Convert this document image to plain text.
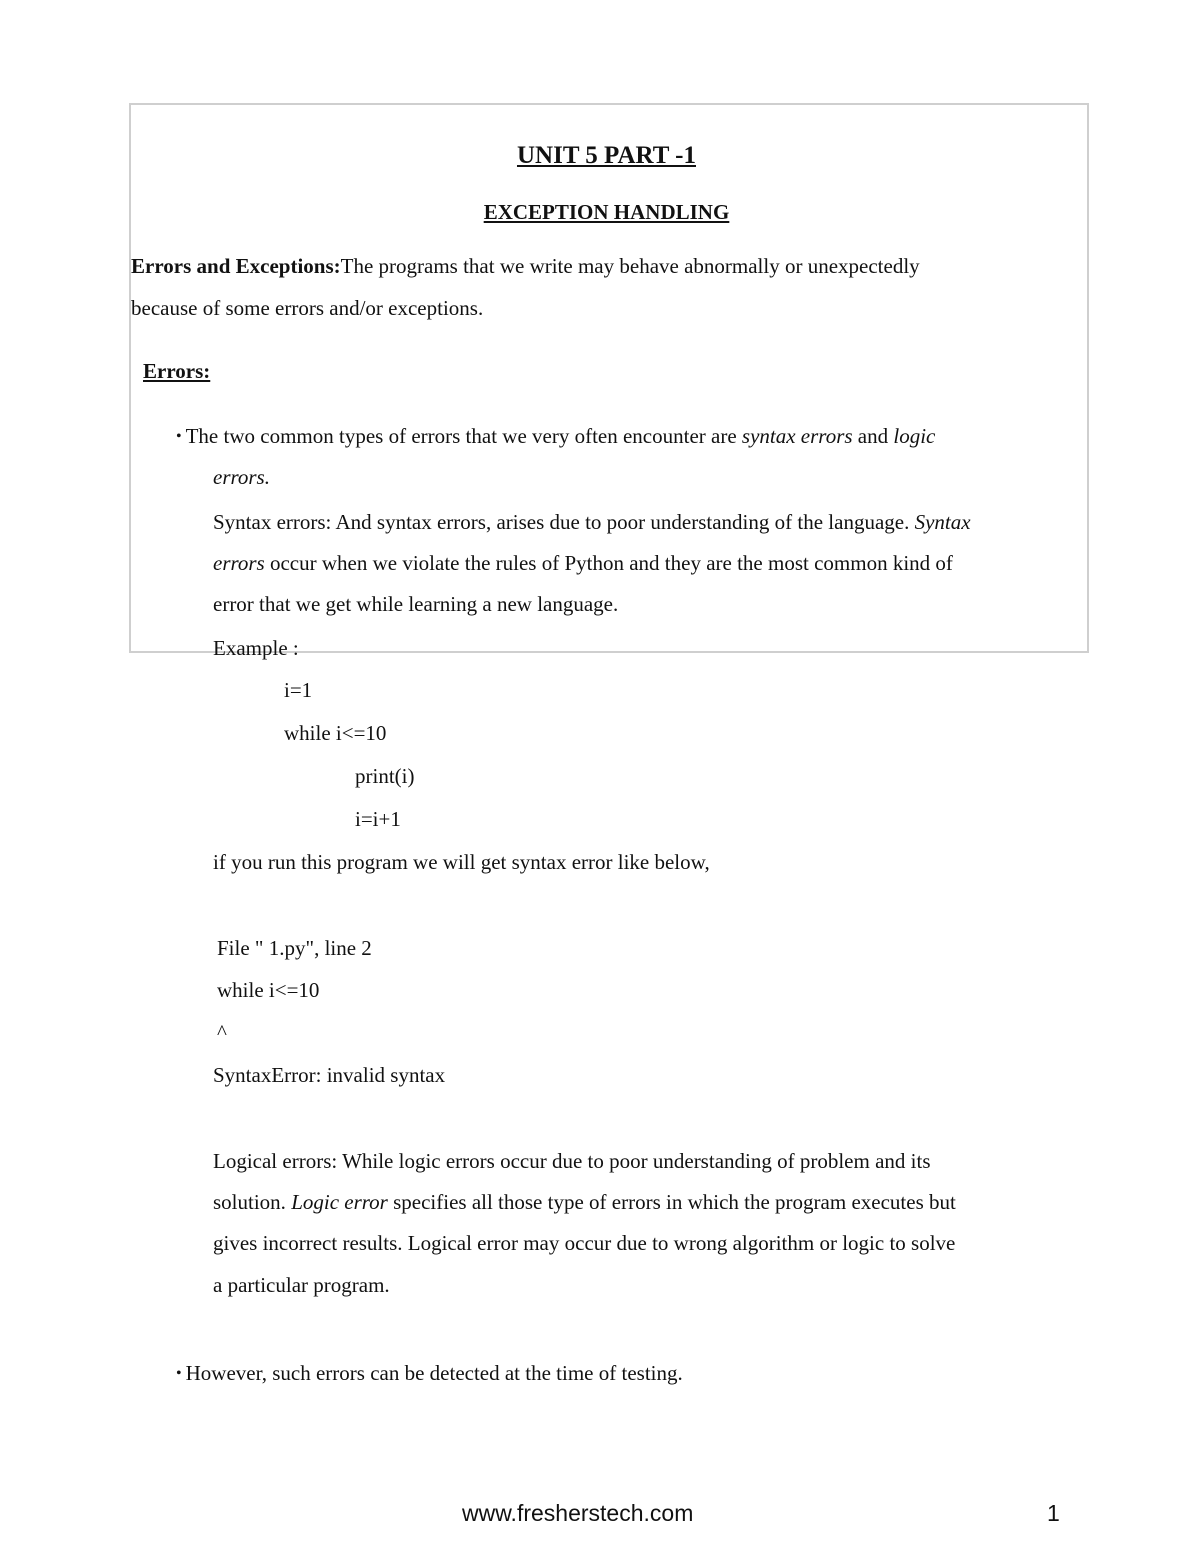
UNIT 5 PART -1
EXCEPTION HANDLING
Errors and Exceptions:The programs that we write may behave abnormally or unexpectedly
because of some errors and/or exceptions.
Errors:
• The two common types of errors that we very often encounter are syntax errors and logic
errors.
Syntax errors: And syntax errors, arises due to poor understanding of the language. Syntax
errors occur when we violate the rules of Python and they are the most common kind of
error that we get while learning a new language.
Example :
i=1
while i<=10
print(i)
i=i+1
if you run this program we will get syntax error like below,
File " 1.py", line 2
while i<=10
^
SyntaxError: invalid syntax
Logical errors: While logic errors occur due to poor understanding of problem and its
solution. Logic error specifies all those type of errors in which the program executes but
gives incorrect results. Logical error may occur due to wrong algorithm or logic to solve
a particular program.
• However, such errors can be detected at the time of testing.
www.fresherstech.com	1
